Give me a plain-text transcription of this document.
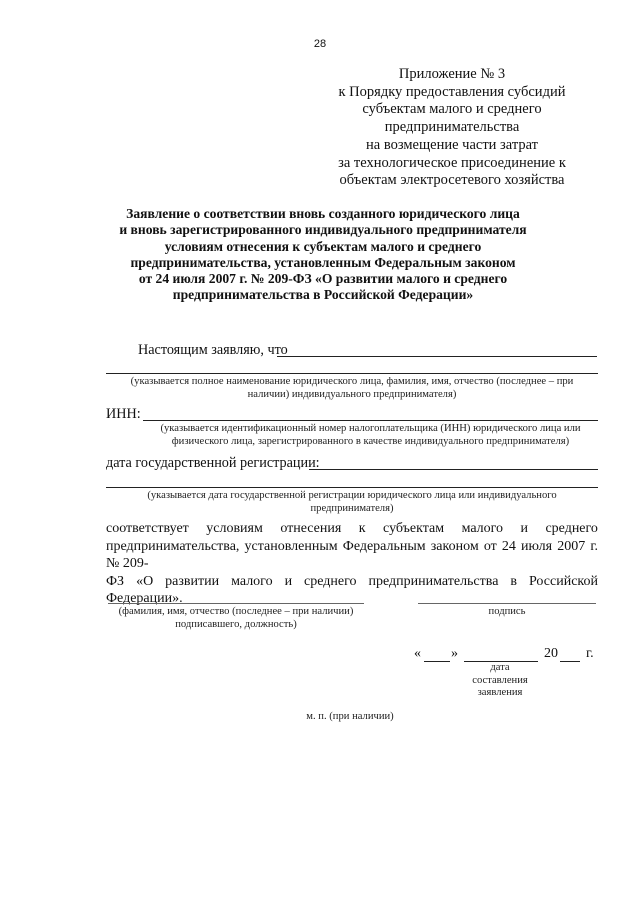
28
Приложение № 3
к Порядку предоставления субсидий
субъектам малого и среднего
предпринимательства
на возмещение части затрат
за технологическое присоединение к
объектам электросетевого хозяйства
Заявление о соответствии вновь созданного юридического лица
и вновь зарегистрированного индивидуального предпринимателя
условиям отнесения к субъектам малого и среднего
предпринимательства, установленным Федеральным законом
от 24 июля 2007 г. № 209-ФЗ «О развитии малого и среднего
предпринимательства в Российской Федерации»
Настоящим заявляю, что
(указывается полное наименование юридического лица, фамилия, имя, отчество (последнее – при
наличии) индивидуального предпринимателя)
ИНН:
(указывается идентификационный номер налогоплательщика (ИНН) юридического лица или
физического лица, зарегистрированного в качестве индивидуального предпринимателя)
дата государственной регистрации:
(указывается дата государственной регистрации юридического лица или индивидуального
предпринимателя)
соответствует условиям отнесения к субъектам малого и среднего
предпринимательства, установленным Федеральным законом от 24 июля 2007 г. № 209-
ФЗ «О развитии малого и среднего предпринимательства в Российской Федерации».
(фамилия, имя, отчество (последнее – при наличии)
подписавшего, должность)
подпись
« »	20 г.
дата
составления
заявления
м. п. (при наличии)
